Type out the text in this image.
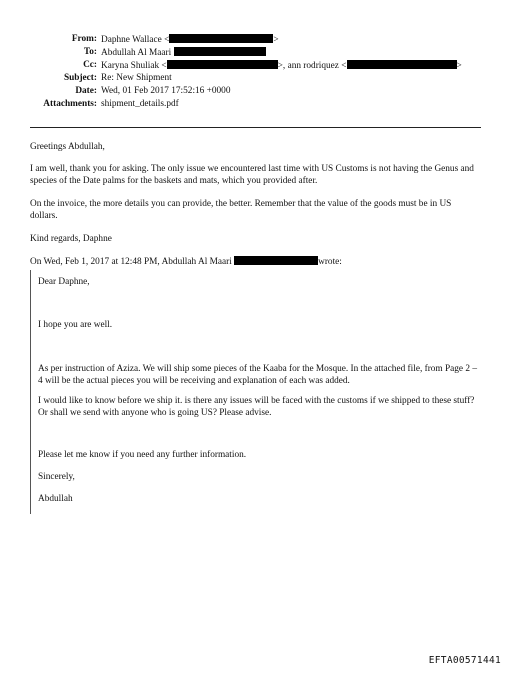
From: Daphne Wallace <	>
To: Abdullah Al Maari
Cc: Karyna Shuliak <	>, ann rodriquez <	>
Subject: Re: New Shipment
Date: Wed, 01 Feb 2017 17:52:16 +0000
Attachments: shipment_details.pdf

Greetings Abdullah,

I am well, thank you for asking. The only issue we encountered last time with US Customs is not having the Genus and species of the Date palms for the baskets and mats, which you provided after.

On the invoice, the more details you can provide, the better. Remember that the value of the goods must be in US dollars.

Kind regards, Daphne

On Wed, Feb 1, 2017 at 12:48 PM, Abdullah Al Maari	wrote:

Dear Daphne,

I hope you are well.

As per instruction of Aziza. We will ship some pieces of the Kaaba for the Mosque. In the attached file, from Page 2 – 4 will be the actual pieces you will be receiving and explanation of each was added.

I would like to know before we ship it. is there any issues will be faced with the customs if we shipped to these stuff? Or shall we send with anyone who is going US? Please advise.

Please let me know if you need any further information.

Sincerely,

Abdullah

EFTA00571441
